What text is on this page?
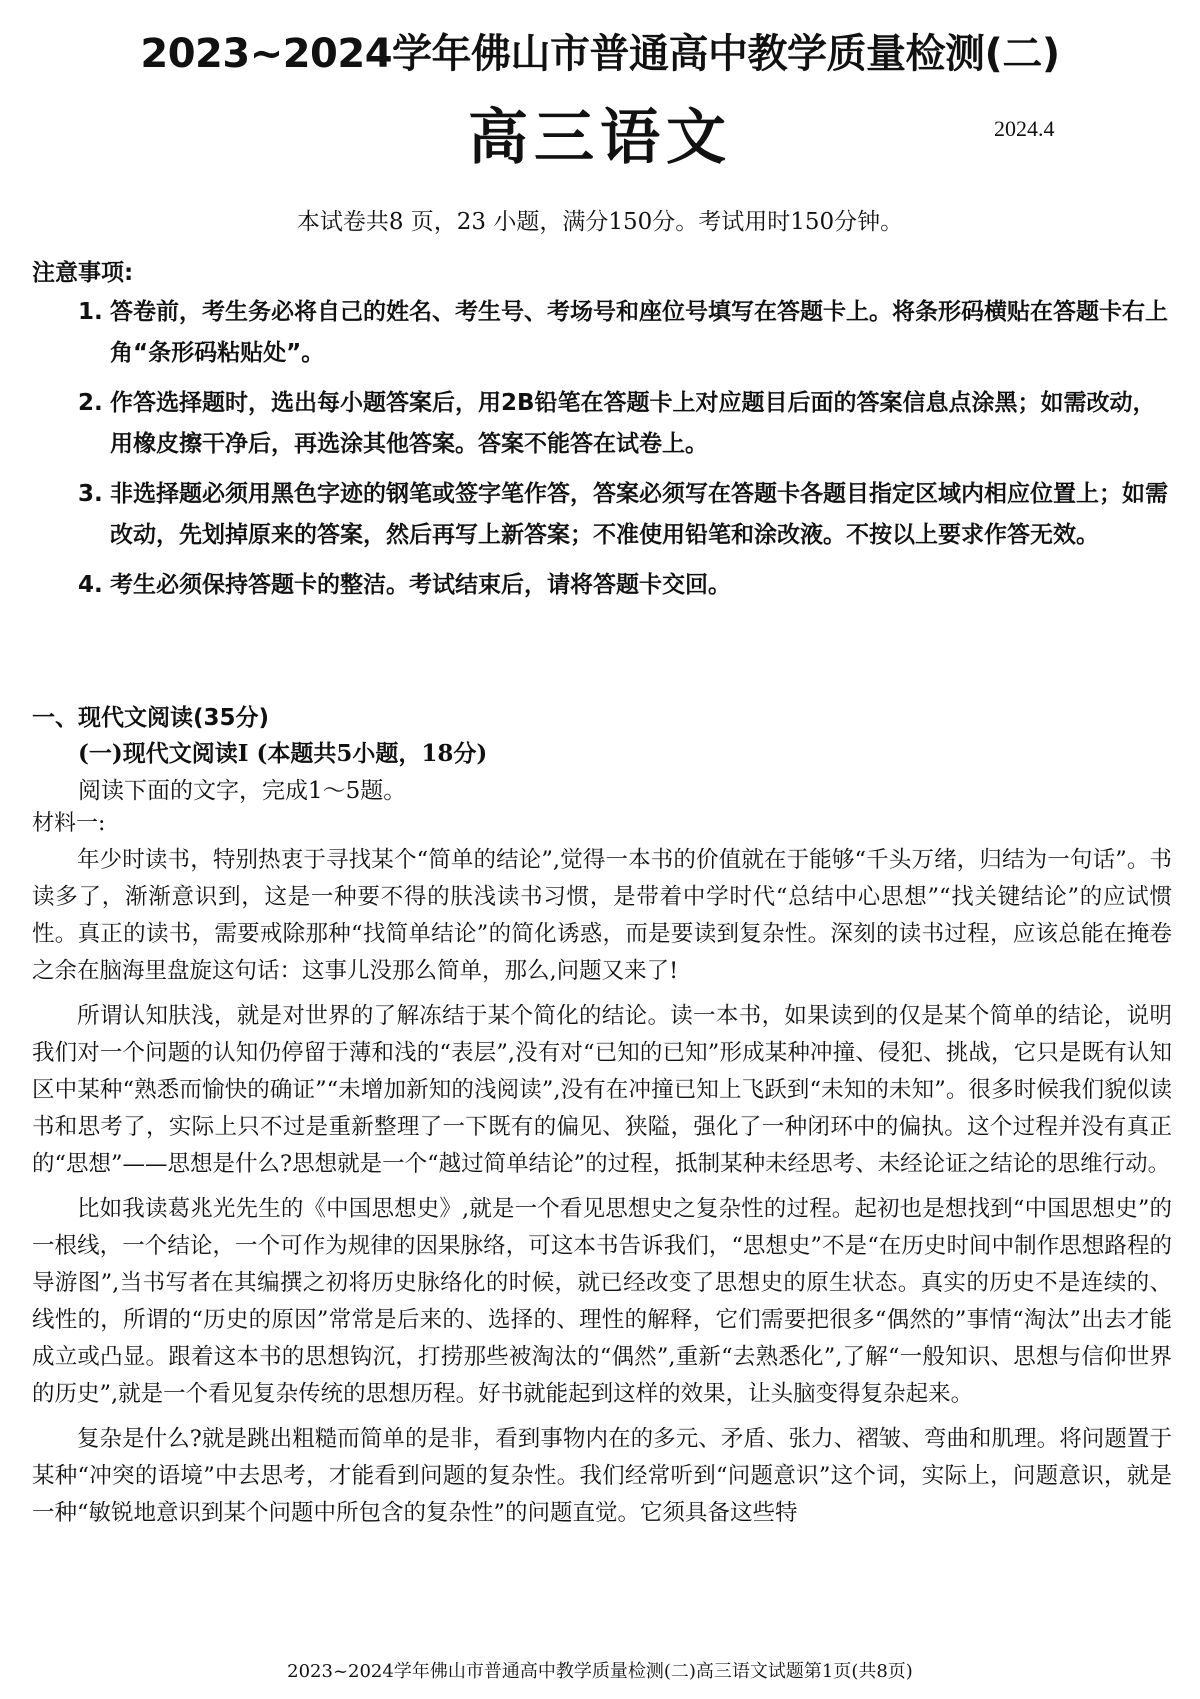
2023~2024学年佛山市普通高中教学质量检测(二)
高三语文	2024.4
本试卷共8 页，23 小题，满分150分。考试用时150分钟。
注意事项:
1. 答卷前，考生务必将自己的姓名、考生号、考场号和座位号填写在答题卡上。将条形码横贴在答题卡右上角“条形码粘贴处”。
2. 作答选择题时，选出每小题答案后，用2B铅笔在答题卡上对应题目后面的答案信息点涂黑；如需改动，用橡皮擦干净后，再选涂其他答案。答案不能答在试卷上。
3. 非选择题必须用黑色字迹的钢笔或签字笔作答，答案必须写在答题卡各题目指定区域内相应位置上；如需改动，先划掉原来的答案，然后再写上新答案；不准使用铅笔和涂改液。不按以上要求作答无效。
4. 考生必须保持答题卡的整洁。考试结束后，请将答题卡交回。
一、现代文阅读(35分)
(一)现代文阅读I (本题共5小题，18分)
阅读下面的文字，完成1～5题。
材料一:

年少时读书，特别热衷于寻找某个“简单的结论”,觉得一本书的价值就在于能够“千头万绪，归结为一句话”。书读多了，渐渐意识到，这是一种要不得的肤浅读书习惯，是带着中学时代“总结中心思想”“找关键结论”的应试惯性。真正的读书，需要戒除那种“找简单结论”的简化诱惑，而是要读到复杂性。深刻的读书过程，应该总能在掩卷之余在脑海里盘旋这句话：这事儿没那么简单，那么,问题又来了!

所谓认知肤浅，就是对世界的了解冻结于某个简化的结论。读一本书，如果读到的仅是某个简单的结论，说明我们对一个问题的认知仍停留于薄和浅的“表层”,没有对“已知的已知”形成某种冲撞、侵犯、挑战，它只是既有认知区中某种“熟悉而愉快的确证”“未增加新知的浅阅读”,没有在冲撞已知上飞跃到“未知的未知”。很多时候我们貌似读书和思考了，实际上只不过是重新整理了一下既有的偏见、狭隘，强化了一种闭环中的偏执。这个过程并没有真正的“思想”——思想是什么?思想就是一个“越过简单结论”的过程，抵制某种未经思考、未经论证之结论的思维行动。

比如我读葛兆光先生的《中国思想史》,就是一个看见思想史之复杂性的过程。起初也是想找到“中国思想史”的一根线，一个结论，一个可作为规律的因果脉络，可这本书告诉我们，“思想史”不是“在历史时间中制作思想路程的导游图”,当书写者在其编撰之初将历史脉络化的时候，就已经改变了思想史的原生状态。真实的历史不是连续的、线性的，所谓的“历史的原因”常常是后来的、选择的、理性的解释，它们需要把很多“偶然的”事情“淘汰”出去才能成立或凸显。跟着这本书的思想钩沉，打捞那些被淘汰的“偶然”,重新“去熟悉化”,了解“一般知识、思想与信仰世界的历史”,就是一个看见复杂传统的思想历程。好书就能起到这样的效果，让头脑变得复杂起来。

复杂是什么?就是跳出粗糙而简单的是非，看到事物内在的多元、矛盾、张力、褶皱、弯曲和肌理。将问题置于某种“冲突的语境”中去思考，才能看到问题的复杂性。我们经常听到“问题意识”这个词，实际上，问题意识，就是一种“敏锐地意识到某个问题中所包含的复杂性”的问题直觉。它须具备这些特

2023~2024学年佛山市普通高中教学质量检测(二)高三语文试题第1页(共8页)
